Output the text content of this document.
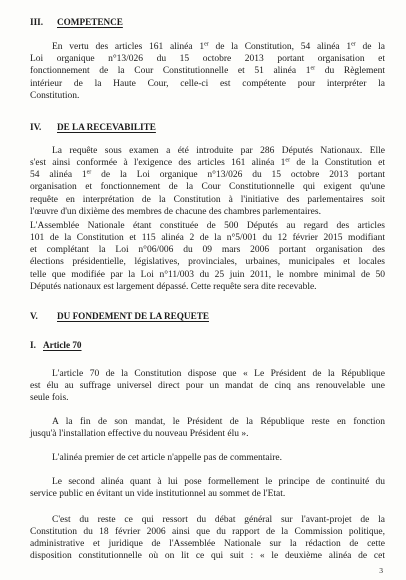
III. COMPETENCE
En vertu des articles 161 alinéa 1er de la Constitution, 54 alinéa 1er de la
Loi organique n°13/026 du 15 octobre 2013 portant organisation et
fonctionnement de la Cour Constitutionnelle et 51 alinéa 1er du Règlement
intérieur de la Haute Cour, celle-ci est compétente pour interpréter la
Constitution.
IV. DE LA RECEVABILITE
La requête sous examen a été introduite par 286 Députés Nationaux. Elle
s'est ainsi conformée à l'exigence des articles 161 alinéa 1er de la Constitution et
54 alinéa 1er de la Loi organique n°13/026 du 15 octobre 2013 portant
organisation et fonctionnement de la Cour Constitutionnelle qui exigent qu'une
requête en interprétation de la Constitution à l'initiative des parlementaires soit
l'œuvre d'un dixième des membres de chacune des chambres parlementaires.
L'Assemblée Nationale étant constituée de 500 Députés au regard des articles
101 de la Constitution et 115 alinéa 2 de la n°5/001 du 12 février 2015 modifiant
et complétant la Loi n°06/006 du 09 mars 2006 portant organisation des
élections présidentielle, législatives, provinciales, urbaines, municipales et locales
telle que modifiée par la Loi n°11/003 du 25 juin 2011, le nombre minimal de 50
Députés nationaux est largement dépassé. Cette requête sera dite recevable.
V. DU FONDEMENT DE LA REQUETE
I. Article 70
L'article 70 de la Constitution dispose que « Le Président de la République
est élu au suffrage universel direct pour un mandat de cinq ans renouvelable une
seule fois.
A la fin de son mandat, le Président de la République reste en fonction
jusqu'à l'installation effective du nouveau Président élu ».
L'alinéa premier de cet article n'appelle pas de commentaire.
Le second alinéa quant à lui pose formellement le principe de continuité du
service public en évitant un vide institutionnel au sommet de l'Etat.
C'est du reste ce qui ressort du débat général sur l'avant-projet de la
Constitution du 18 février 2006 ainsi que du rapport de la Commission politique,
administrative et juridique de l'Assemblée Nationale sur la rédaction de cette
disposition constitutionnelle où on lit ce qui suit : « le deuxième alinéa de cet
3
